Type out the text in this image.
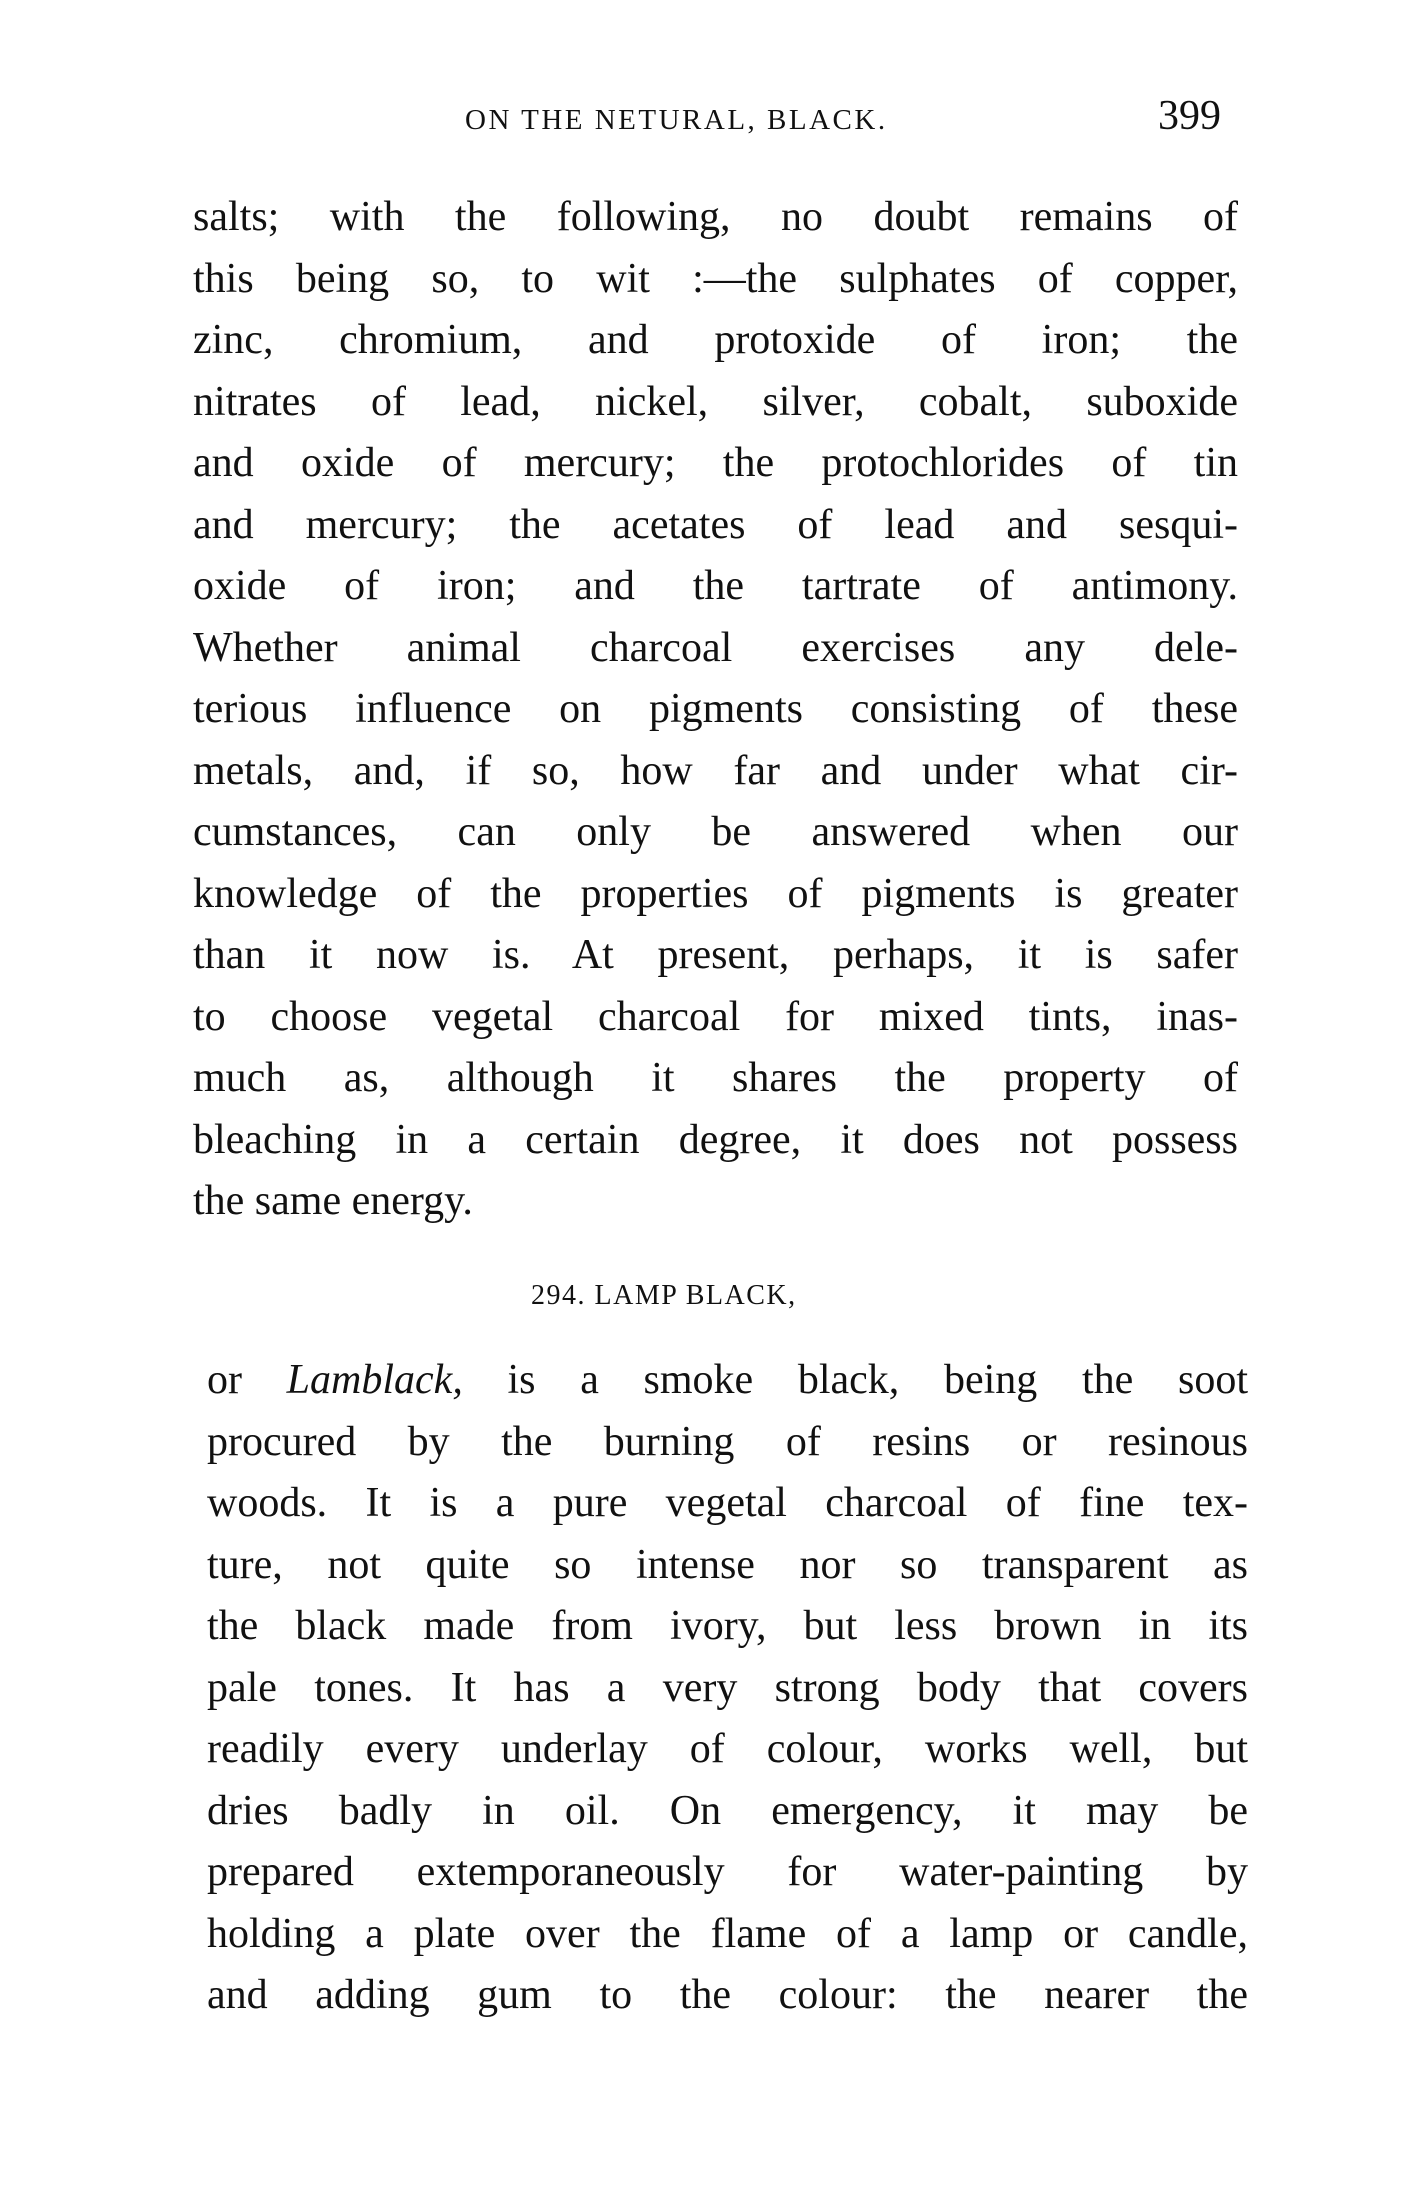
ON THE NETURAL, BLACK.	399
salts; with the following, no doubt remains of
this being so, to wit :—the sulphates of copper,
zinc, chromium, and protoxide of iron; the
nitrates of lead, nickel, silver, cobalt, suboxide
and oxide of mercury; the protochlorides of tin
and mercury; the acetates of lead and sesqui-
oxide of iron; and the tartrate of antimony.
Whether animal charcoal exercises any dele-
terious influence on pigments consisting of these
metals, and, if so, how far and under what cir-
cumstances, can only be answered when our
knowledge of the properties of pigments is greater
than it now is. At present, perhaps, it is safer
to choose vegetal charcoal for mixed tints, inas-
much as, although it shares the property of
bleaching in a certain degree, it does not possess
the same energy.
294. LAMP BLACK,
or Lamblack, is a smoke black, being the soot
procured by the burning of resins or resinous
woods. It is a pure vegetal charcoal of fine tex-
ture, not quite so intense nor so transparent as
the black made from ivory, but less brown in its
pale tones. It has a very strong body that covers
readily every underlay of colour, works well, but
dries badly in oil. On emergency, it may be
prepared extemporaneously for water-painting by
holding a plate over the flame of a lamp or candle,
and adding gum to the colour: the nearer the
